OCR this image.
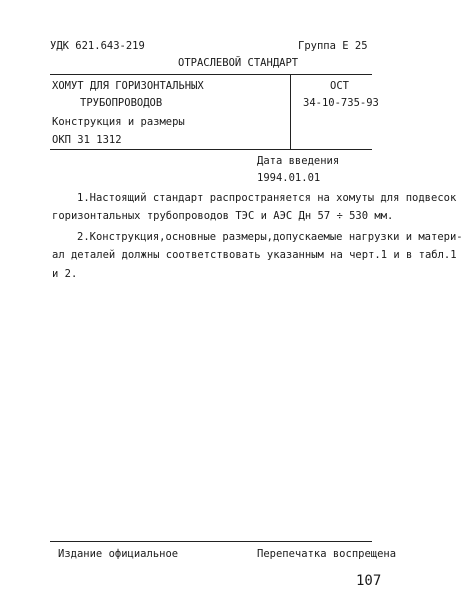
УДК 621.643-219	Группа Е 25
ОТРАСЛЕВОЙ СТАНДАРТ
ХОМУТ ДЛЯ ГОРИЗОНТАЛЬНЫХ
ТРУБОПРОВОДОВ
Конструкция и размеры
ОКП 31 1312
ОСТ
34-10-735-93
Дата введения
1994.01.01
1.Настоящий стандарт распространяется на хомуты для подвесок
горизонтальных трубопроводов ТЭС и АЭС Дн 57 ÷ 530 мм.
2.Конструкция,основные размеры,допускаемые нагрузки и матери-
ал деталей должны соответствовать указанным на черт.1 и в табл.1
и 2.
Издание официальное	Перепечатка воспрещена
107
